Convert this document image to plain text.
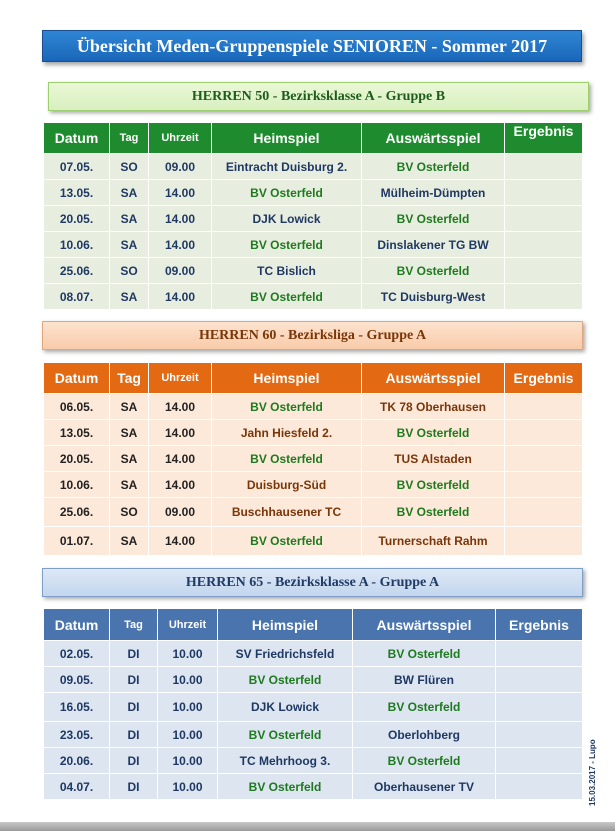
Übersicht Meden-Gruppenspiele SENIOREN - Sommer 2017
HERREN 50 - Bezirksklasse A - Gruppe B
Datum	Tag	Uhrzeit	Heimspiel	Auswärtsspiel	Ergebnis
07.05.	SO	09.00	Eintracht Duisburg 2.	BV Osterfeld	
13.05.	SA	14.00	BV Osterfeld	Mülheim-Dümpten	
20.05.	SA	14.00	DJK Lowick	BV Osterfeld	
10.06.	SA	14.00	BV Osterfeld	Dinslakener TG BW	
25.06.	SO	09.00	TC Bislich	BV Osterfeld	
08.07.	SA	14.00	BV Osterfeld	TC Duisburg-West	
HERREN 60 - Bezirksliga - Gruppe A
Datum	Tag	Uhrzeit	Heimspiel	Auswärtsspiel	Ergebnis
06.05.	SA	14.00	BV Osterfeld	TK 78 Oberhausen	
13.05.	SA	14.00	Jahn Hiesfeld 2.	BV Osterfeld	
20.05.	SA	14.00	BV Osterfeld	TUS Alstaden	
10.06.	SA	14.00	Duisburg-Süd	BV Osterfeld	
25.06.	SO	09.00	Buschhausener TC	BV Osterfeld	
01.07.	SA	14.00	BV Osterfeld	Turnerschaft Rahm	
HERREN 65 - Bezirksklasse A - Gruppe A
Datum	Tag	Uhrzeit	Heimspiel	Auswärtsspiel	Ergebnis
02.05.	DI	10.00	SV Friedrichsfeld	BV Osterfeld	
09.05.	DI	10.00	BV Osterfeld	BW Flüren	
16.05.	DI	10.00	DJK Lowick	BV Osterfeld	
23.05.	DI	10.00	BV Osterfeld	Oberlohberg	
20.06.	DI	10.00	TC Mehrhoog 3.	BV Osterfeld	
04.07.	DI	10.00	BV Osterfeld	Oberhausener TV		15.03.2017 - Lupo
